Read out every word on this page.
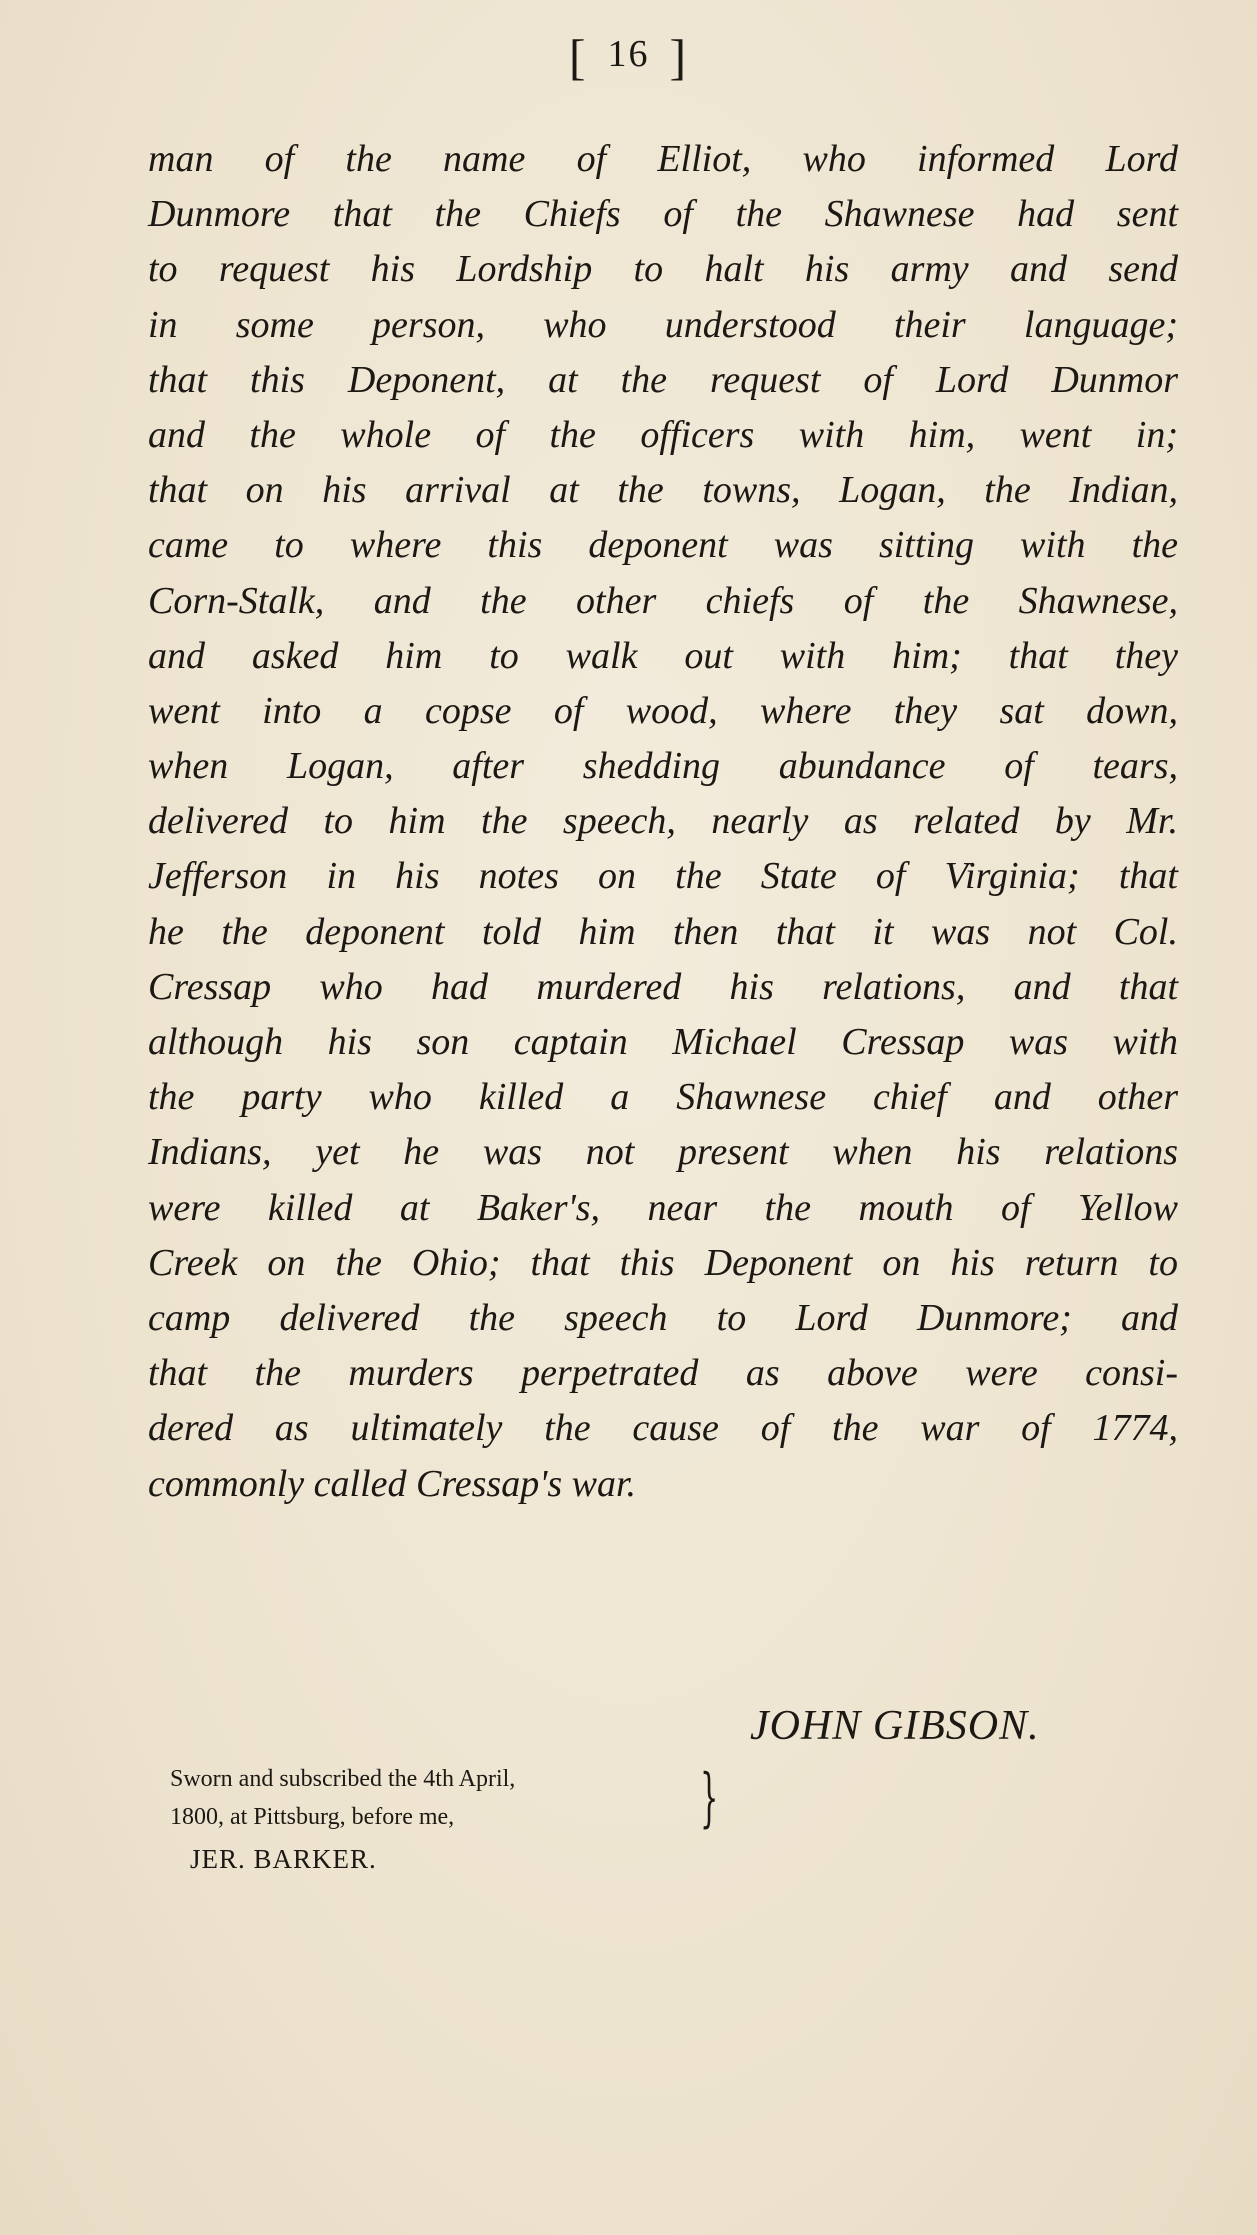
[ 16 ]
man of the name of Elliot, who informed Lord
Dunmore that the Chiefs of the Shawnese had sent
to request his Lordship to halt his army and send
in some person, who understood their language;
that this Deponent, at the request of Lord Dunmor
and the whole of the officers with him, went in;
that on his arrival at the towns, Logan, the Indian,
came to where this deponent was sitting with the
Corn-Stalk, and the other chiefs of the Shawnese,
and asked him to walk out with him; that they
went into a copse of wood, where they sat down,
when Logan, after shedding abundance of tears,
delivered to him the speech, nearly as related by Mr.
Jefferson in his notes on the State of Virginia; that
he the deponent told him then that it was not Col.
Cressap who had murdered his relations, and that
although his son captain Michael Cressap was with
the party who killed a Shawnese chief and other
Indians, yet he was not present when his relations
were killed at Baker's, near the mouth of Yellow
Creek on the Ohio; that this Deponent on his return to
camp delivered the speech to Lord Dunmore; and
that the murders perpetrated as above were consi-
dered as ultimately the cause of the war of 1774,
commonly called Cressap's war.
JOHN GIBSON.
Sworn and subscribed the 4th April,
1800, at Pittsburg, before me,	}
JER. BARKER.
